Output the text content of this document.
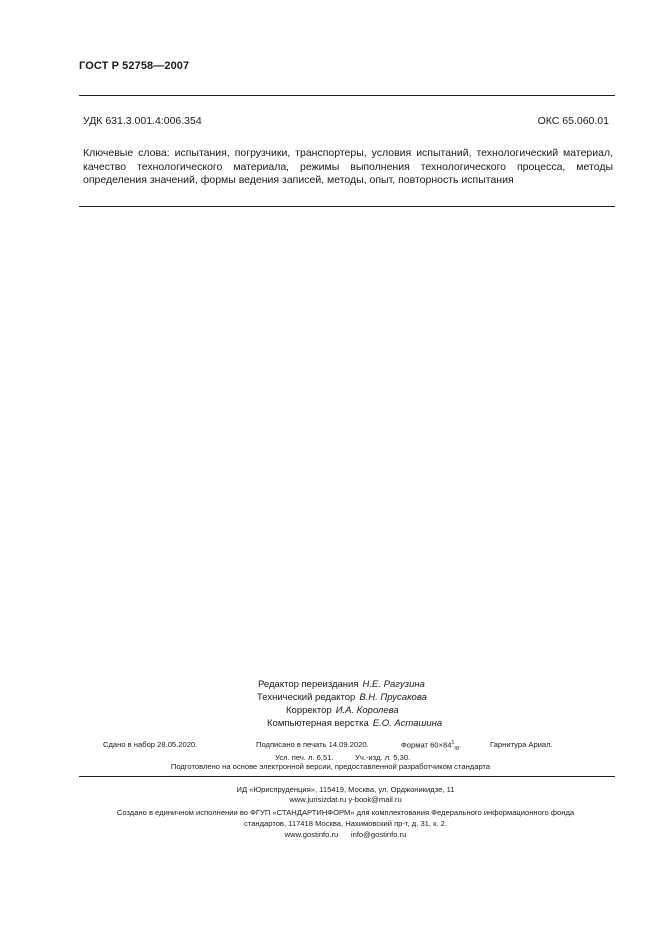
ГОСТ Р 52758—2007
УДК 631.3.001.4:006.354	ОКС 65.060.01
Ключевые слова: испытания, погрузчики, транспортеры, условия испытаний, технологический материал, качество технологического материала, режимы выполнения технологического процесса, методы определения значений, формы ведения записей, методы, опыт, повторность испытания
Редактор переиздания Н.Е. Рагузина
Технический редактор В.Н. Прусакова
Корректор И.А. Королева
Компьютерная верстка Е.О. Асташина
Сдано в набор 28.05.2020.	Подписано в печать 14.09.2020.	Формат $60\times 84^1_{/8}$.	Гарнитура Ариал.
Усл. печ. л. 6,51.	Уч.-изд. л. 5,30.
Подготовлено на основе электронной версии, предоставленной разработчиком стандарта
ИД «Юриспруденция», 115419, Москва, ул. Орджоникидзе, 11
www.jurisizdat.ru y-book@mail.ru
Создано в единичном исполнении во ФГУП «СТАНДАРТИНФОРМ» для комплектования Федерального информационного фонда
стандартов, 117418 Москва, Нахимовский пр-т, д. 31, к. 2.
www.gostinfo.ru      info@gostinfo.ru
